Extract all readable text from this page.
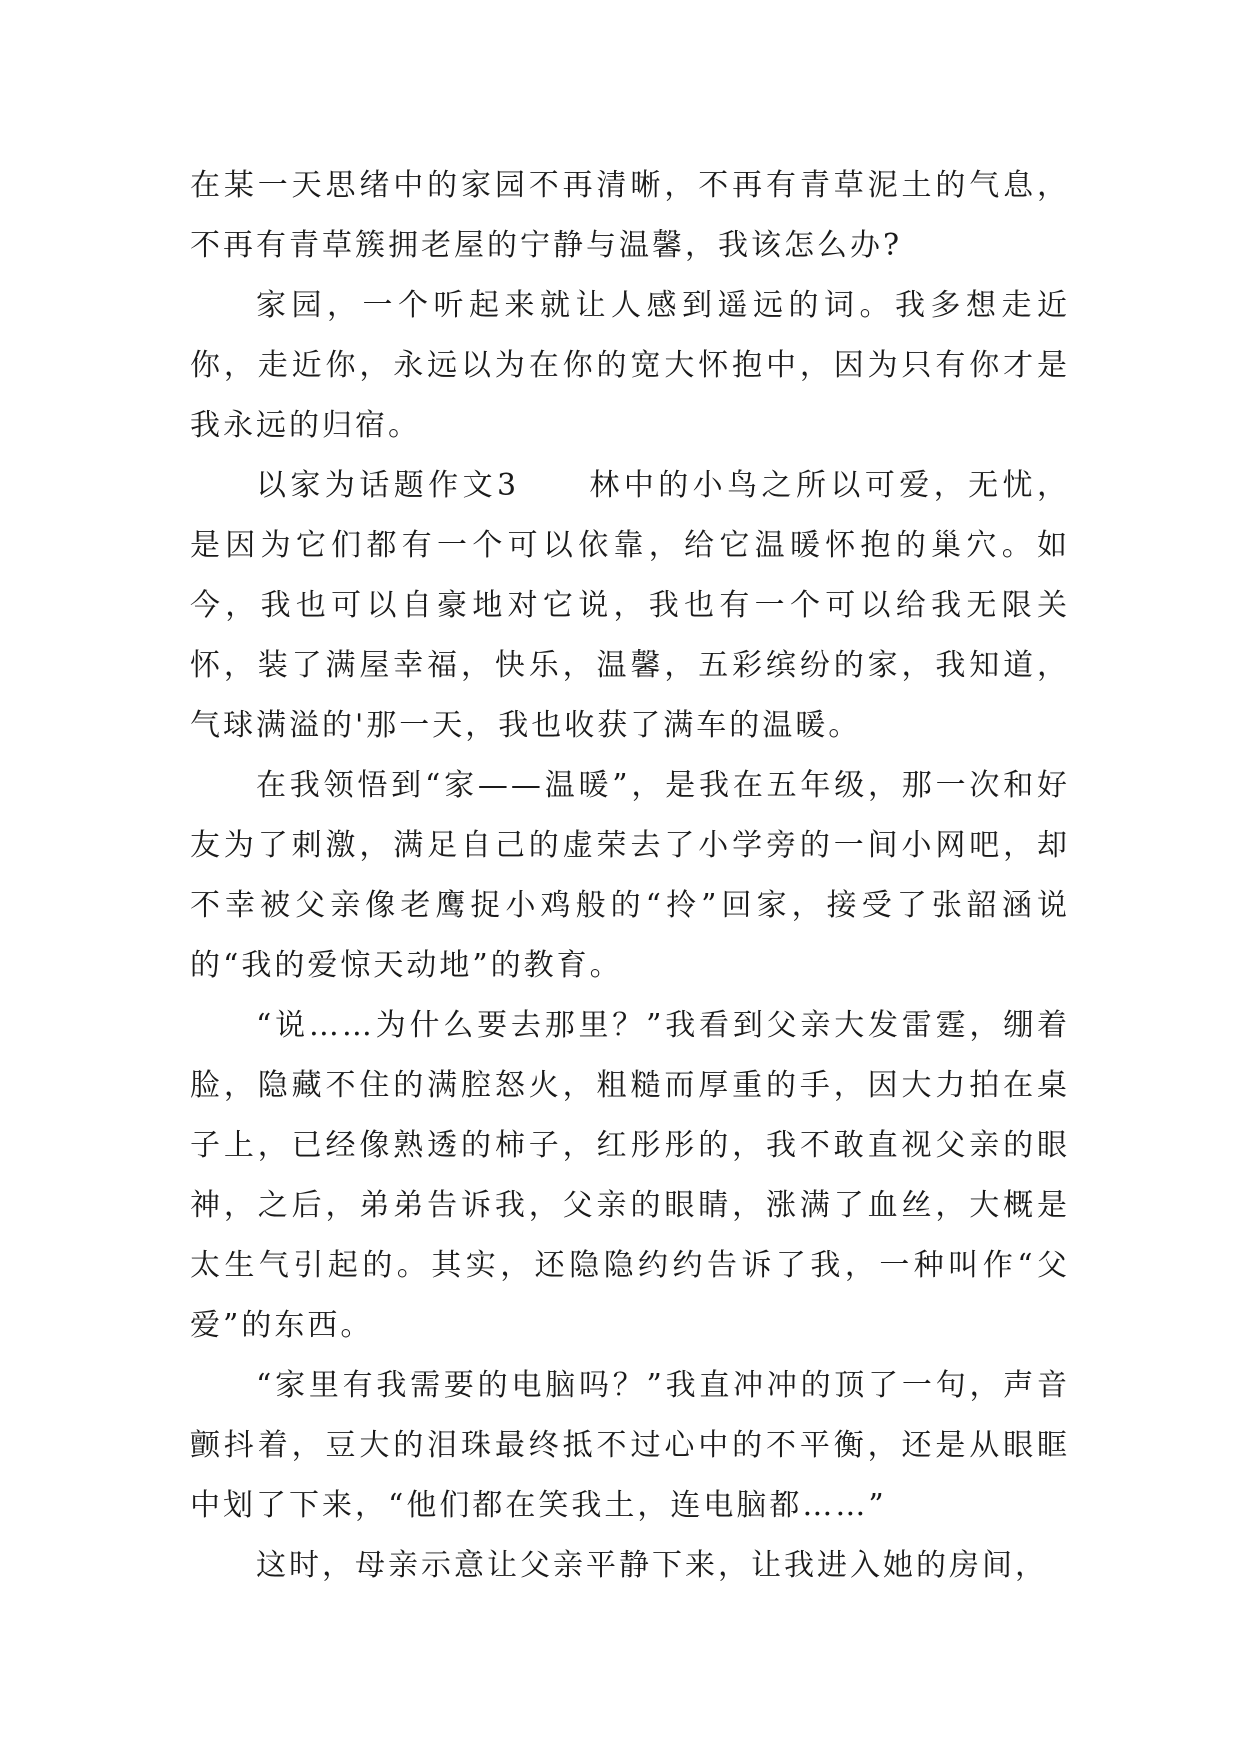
在某一天思绪中的家园不再清晰，不再有青草泥土的气息，不再有青草簇拥老屋的宁静与温馨，我该怎么办?

家园，一个听起来就让人感到遥远的词。我多想走近你，走近你，永远以为在你的宽大怀抱中，因为只有你才是我永远的归宿。

以家为话题作文3　　林中的小鸟之所以可爱，无忧，是因为它们都有一个可以依靠，给它温暖怀抱的巢穴。如今，我也可以自豪地对它说，我也有一个可以给我无限关怀，装了满屋幸福，快乐，温馨，五彩缤纷的家，我知道，气球满溢的'那一天，我也收获了满车的温暖。

在我领悟到“家——温暖”，是我在五年级，那一次和好友为了刺激，满足自己的虚荣去了小学旁的一间小网吧，却不幸被父亲像老鹰捉小鸡般的“拎”回家，接受了张韶涵说的“我的爱惊天动地”的教育。

“说……为什么要去那里？”我看到父亲大发雷霆，绷着脸，隐藏不住的满腔怒火，粗糙而厚重的手，因大力拍在桌子上，已经像熟透的柿子，红彤彤的，我不敢直视父亲的眼神，之后，弟弟告诉我，父亲的眼睛，涨满了血丝，大概是太生气引起的。其实，还隐隐约约告诉了我，一种叫作“父爱”的东西。

“家里有我需要的电脑吗？”我直冲冲的顶了一句，声音颤抖着，豆大的泪珠最终抵不过心中的不平衡，还是从眼眶中划了下来，“他们都在笑我土，连电脑都……”

这时，母亲示意让父亲平静下来，让我进入她的房间，
